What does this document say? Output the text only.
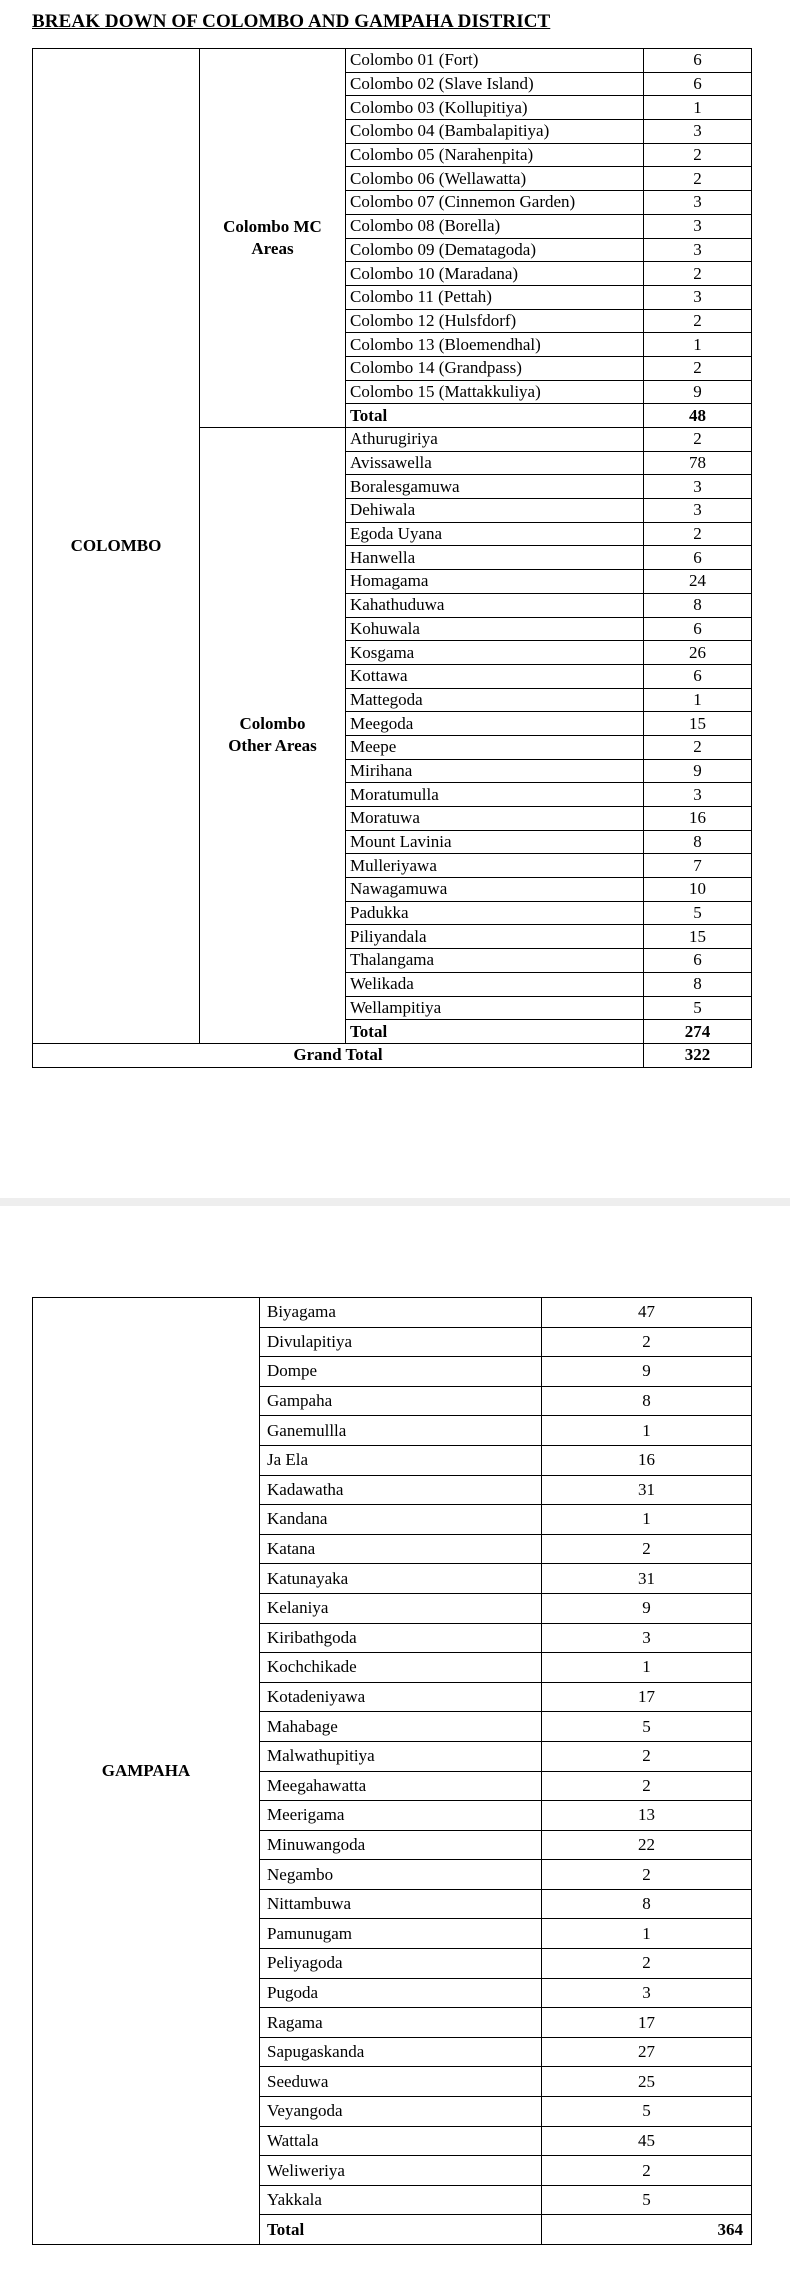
BREAK DOWN OF COLOMBO AND GAMPAHA DISTRICT
COLOMBO	Colombo MC
Areas	Colombo 01 (Fort)	6
		Colombo 02 (Slave Island)	6
		Colombo 03 (Kollupitiya)	1
		Colombo 04 (Bambalapitiya)	3
		Colombo 05 (Narahenpita)	2
		Colombo 06 (Wellawatta)	2
		Colombo 07 (Cinnemon Garden)	3
		Colombo 08 (Borella)	3
		Colombo 09 (Dematagoda)	3
		Colombo 10 (Maradana)	2
		Colombo 11 (Pettah)	3
		Colombo 12 (Hulsfdorf)	2
		Colombo 13 (Bloemendhal)	1
		Colombo 14 (Grandpass)	2
		Colombo 15 (Mattakkuliya)	9
		Total	48
	Colombo
Other Areas	Athurugiriya	2
		Avissawella	78
		Boralesgamuwa	3
		Dehiwala	3
		Egoda Uyana	2
		Hanwella	6
		Homagama	24
		Kahathuduwa	8
		Kohuwala	6
		Kosgama	26
		Kottawa	6
		Mattegoda	1
		Meegoda	15
		Meepe	2
		Mirihana	9
		Moratumulla	3
		Moratuwa	16
		Mount Lavinia	8
		Mulleriyawa	7
		Nawagamuwa	10
		Padukka	5
		Piliyandala	15
		Thalangama	6
		Welikada	8
		Wellampitiya	5
		Total	274
Grand Total			322
GAMPAHA	Biyagama	47
	Divulapitiya	2
	Dompe	9
	Gampaha	8
	Ganemullla	1
	Ja Ela	16
	Kadawatha	31
	Kandana	1
	Katana	2
	Katunayaka	31
	Kelaniya	9
	Kiribathgoda	3
	Kochchikade	1
	Kotadeniyawa	17
	Mahabage	5
	Malwathupitiya	2
	Meegahawatta	2
	Meerigama	13
	Minuwangoda	22
	Negambo	2
	Nittambuwa	8
	Pamunugam	1
	Peliyagoda	2
	Pugoda	3
	Ragama	17
	Sapugaskanda	27
	Seeduwa	25
	Veyangoda	5
	Wattala	45
	Weliweriya	2
	Yakkala	5
	Total	364
